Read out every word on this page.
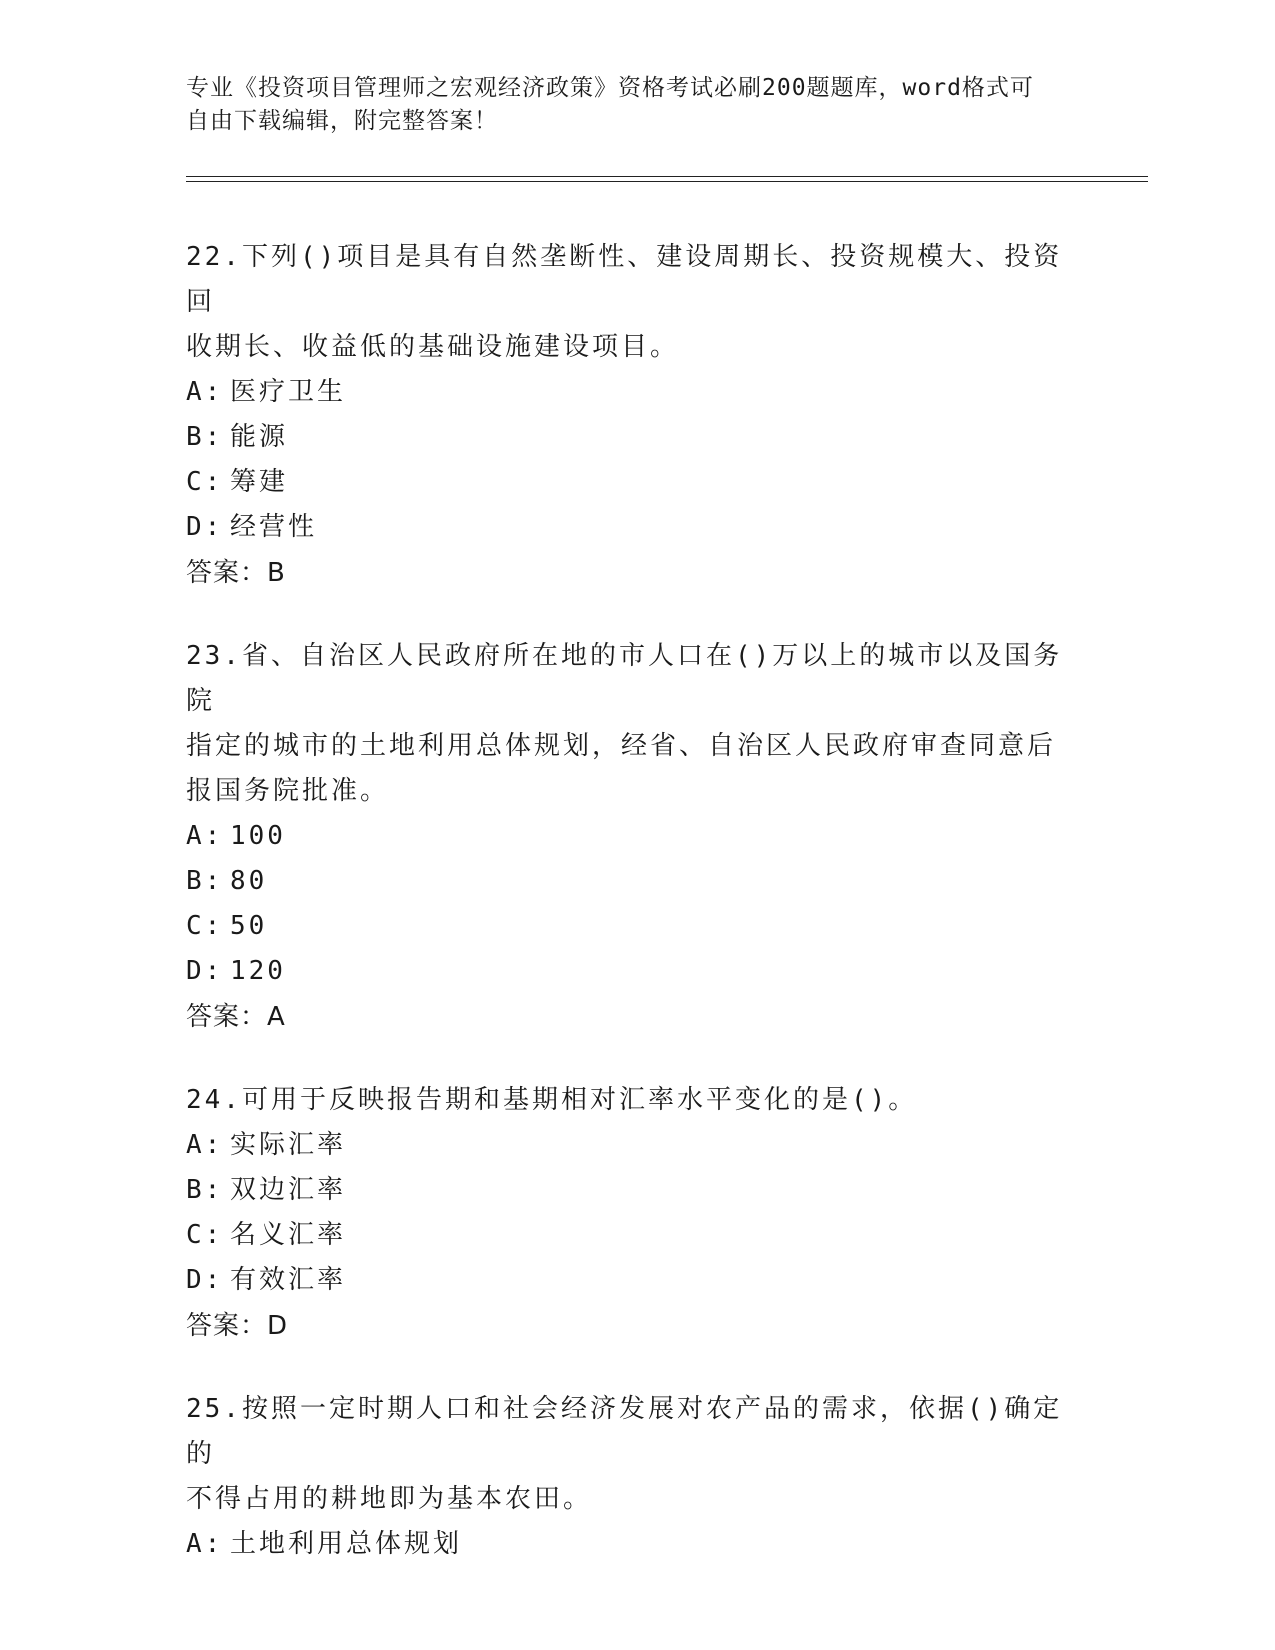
专业《投资项目管理师之宏观经济政策》资格考试必刷200题题库，word格式可
自由下载编辑，附完整答案！

22.下列()项目是具有自然垄断性、建设周期长、投资规模大、投资回

收期长、收益低的基础设施建设项目。

A: 医疗卫生

B: 能源

C: 筹建

D: 经营性

答案：B

23.省、自治区人民政府所在地的市人口在()万以上的城市以及国务院

指定的城市的土地利用总体规划，经省、自治区人民政府审查同意后

报国务院批准。

A: 100

B: 80

C: 50

D: 120

答案：A

24.可用于反映报告期和基期相对汇率水平变化的是()。

A: 实际汇率

B: 双边汇率

C: 名义汇率

D: 有效汇率

答案：D

25.按照一定时期人口和社会经济发展对农产品的需求，依据()确定的

不得占用的耕地即为基本农田。

A: 土地利用总体规划
